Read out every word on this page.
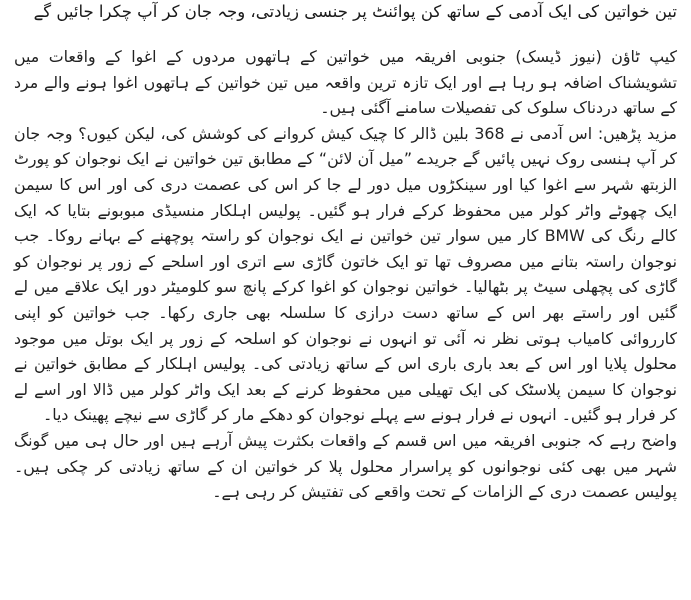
تین خواتین کی ایک آدمی کے ساتھ کن پوائنٹ پر جنسی زیادتی، وجہ جان کر آپ چکرا جائیں گے

کیپ ٹاؤن (نیوز ڈیسک) جنوبی افریقہ میں خواتین کے ہاتھوں مردوں کے اغوا کے واقعات میں تشویشناک اضافہ ہو رہا ہے اور ایک تازہ ترین واقعہ میں تین خواتین کے ہاتھوں اغوا ہونے والے مرد کے ساتھ دردناک سلوک کی تفصیلات سامنے آگئی ہیں۔

مزید پڑھیں: اس آدمی نے 368 بلین ڈالر کا چیک کیش کروانے کی کوشش کی، لیکن کیوں؟ وجہ جان کر آپ ہنسی روک نہیں پائیں گے جریدے ”میل آن لائن“ کے مطابق تین خواتین نے ایک نوجوان کو پورٹ الزبتھ شہر سے اغوا کیا اور سینکڑوں میل دور لے جا کر اس کی عصمت دری کی اور اس کا سیمن ایک چھوٹے واٹر کولر میں محفوظ کرکے فرار ہو گئیں۔ پولیس اہلکار منسیڈی مبوبونے بتایا کہ ایک کالے رنگ کی BMW کار میں سوار تین خواتین نے ایک نوجوان کو راستہ پوچھنے کے بہانے روکا۔ جب نوجوان راستہ بتانے میں مصروف تھا تو ایک خاتون گاڑی سے اتری اور اسلحے کے زور پر نوجوان کو گاڑی کی پچھلی سیٹ پر بٹھالیا۔ خواتین نوجوان کو اغوا کرکے پانچ سو کلومیٹر دور ایک علاقے میں لے گئیں اور راستے بھر اس کے ساتھ دست درازی کا سلسلہ بھی جاری رکھا۔ جب خواتین کو اپنی کارروائی کامیاب ہوتی نظر نہ آئی تو انہوں نے نوجوان کو اسلحہ کے زور پر ایک بوتل میں موجود محلول پلایا اور اس کے بعد باری باری اس کے ساتھ زیادتی کی۔ پولیس اہلکار کے مطابق خواتین نے نوجوان کا سیمن پلاسٹک کی ایک تھیلی میں محفوظ کرنے کے بعد ایک واٹر کولر میں ڈالا اور اسے لے کر فرار ہو گئیں۔ انہوں نے فرار ہونے سے پہلے نوجوان کو دھکے مار کر گاڑی سے نیچے پھینک دیا۔

واضح رہے کہ جنوبی افریقہ میں اس قسم کے واقعات بکثرت پیش آرہے ہیں اور حال ہی میں گونگ شہر میں بھی کئی نوجوانوں کو پراسرار محلول پلا کر خواتین ان کے ساتھ زیادتی کر چکی ہیں۔ پولیس عصمت دری کے الزامات کے تحت واقعے کی تفتیش کر رہی ہے۔
